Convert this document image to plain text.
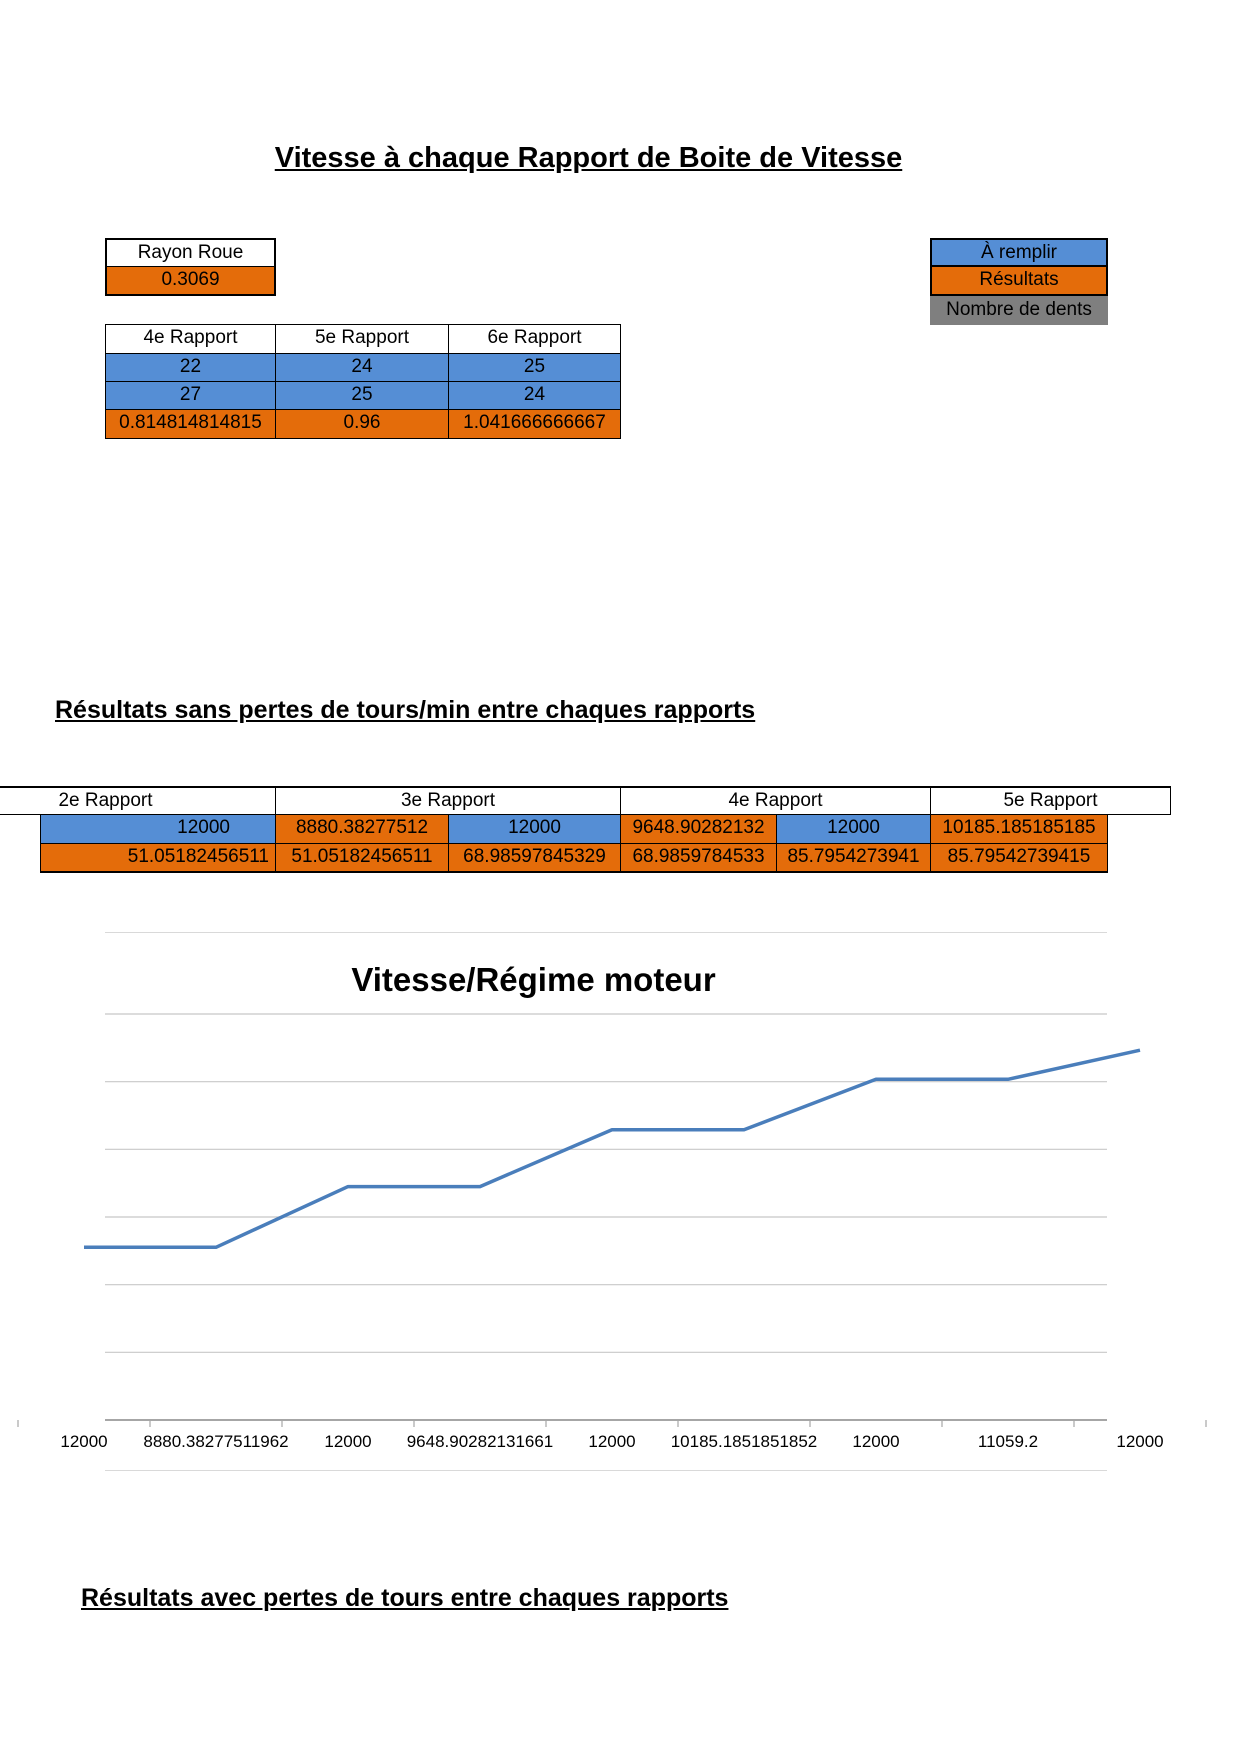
Vitesse à chaque Rapport de Boite de Vitesse
Rayon Roue
0.3069
À remplir
Résultats
Nombre de dents
4e Rapport	5e Rapport	6e Rapport
22	24	25
27	25	24
0.814814814815	0.96	1.041666666667
Résultats sans pertes de tours/min entre chaques rapports
2e Rapport	3e Rapport	4e Rapport	5e Rapport
12000	8880.38277512	12000	9648.90282132	12000	10185.185185185
51.05182456511	51.05182456511	68.98597845329	68.9859784533	85.7954273941	85.79542739415
Vitesse/Régime moteur
12000 8880.38277511962 12000 9648.90282131661 12000 10185.1851851852 12000	11059.2	12000
Résultats avec pertes de tours entre chaques rapports
